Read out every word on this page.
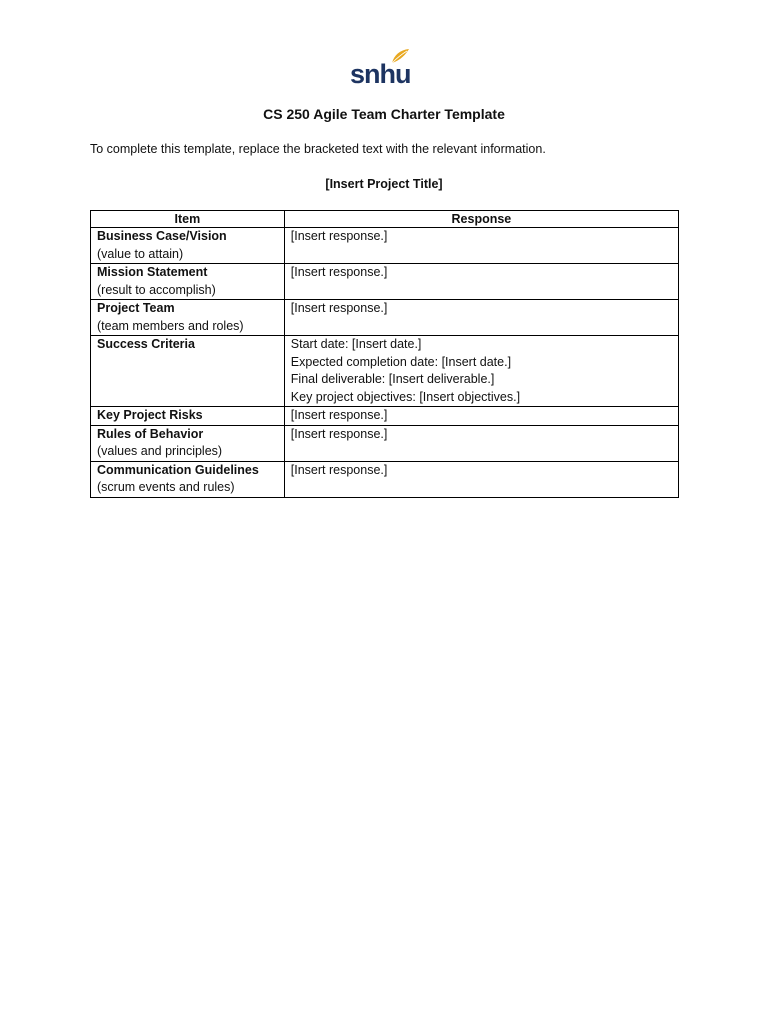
snhu
CS 250 Agile Team Charter Template
To complete this template, replace the bracketed text with the relevant information.
[Insert Project Title]
Item	Response

Business Case/Vision
(value to attain)	[Insert response.]

Mission Statement
(result to accomplish)	[Insert response.]

Project Team
(team members and roles)	[Insert response.]

Success Criteria	Start date: [Insert date.]
Expected completion date: [Insert date.]
Final deliverable: [Insert deliverable.]
Key project objectives: [Insert objectives.]

Key Project Risks	[Insert response.]

Rules of Behavior
(values and principles)	[Insert response.]

Communication Guidelines
(scrum events and rules)	[Insert response.]
